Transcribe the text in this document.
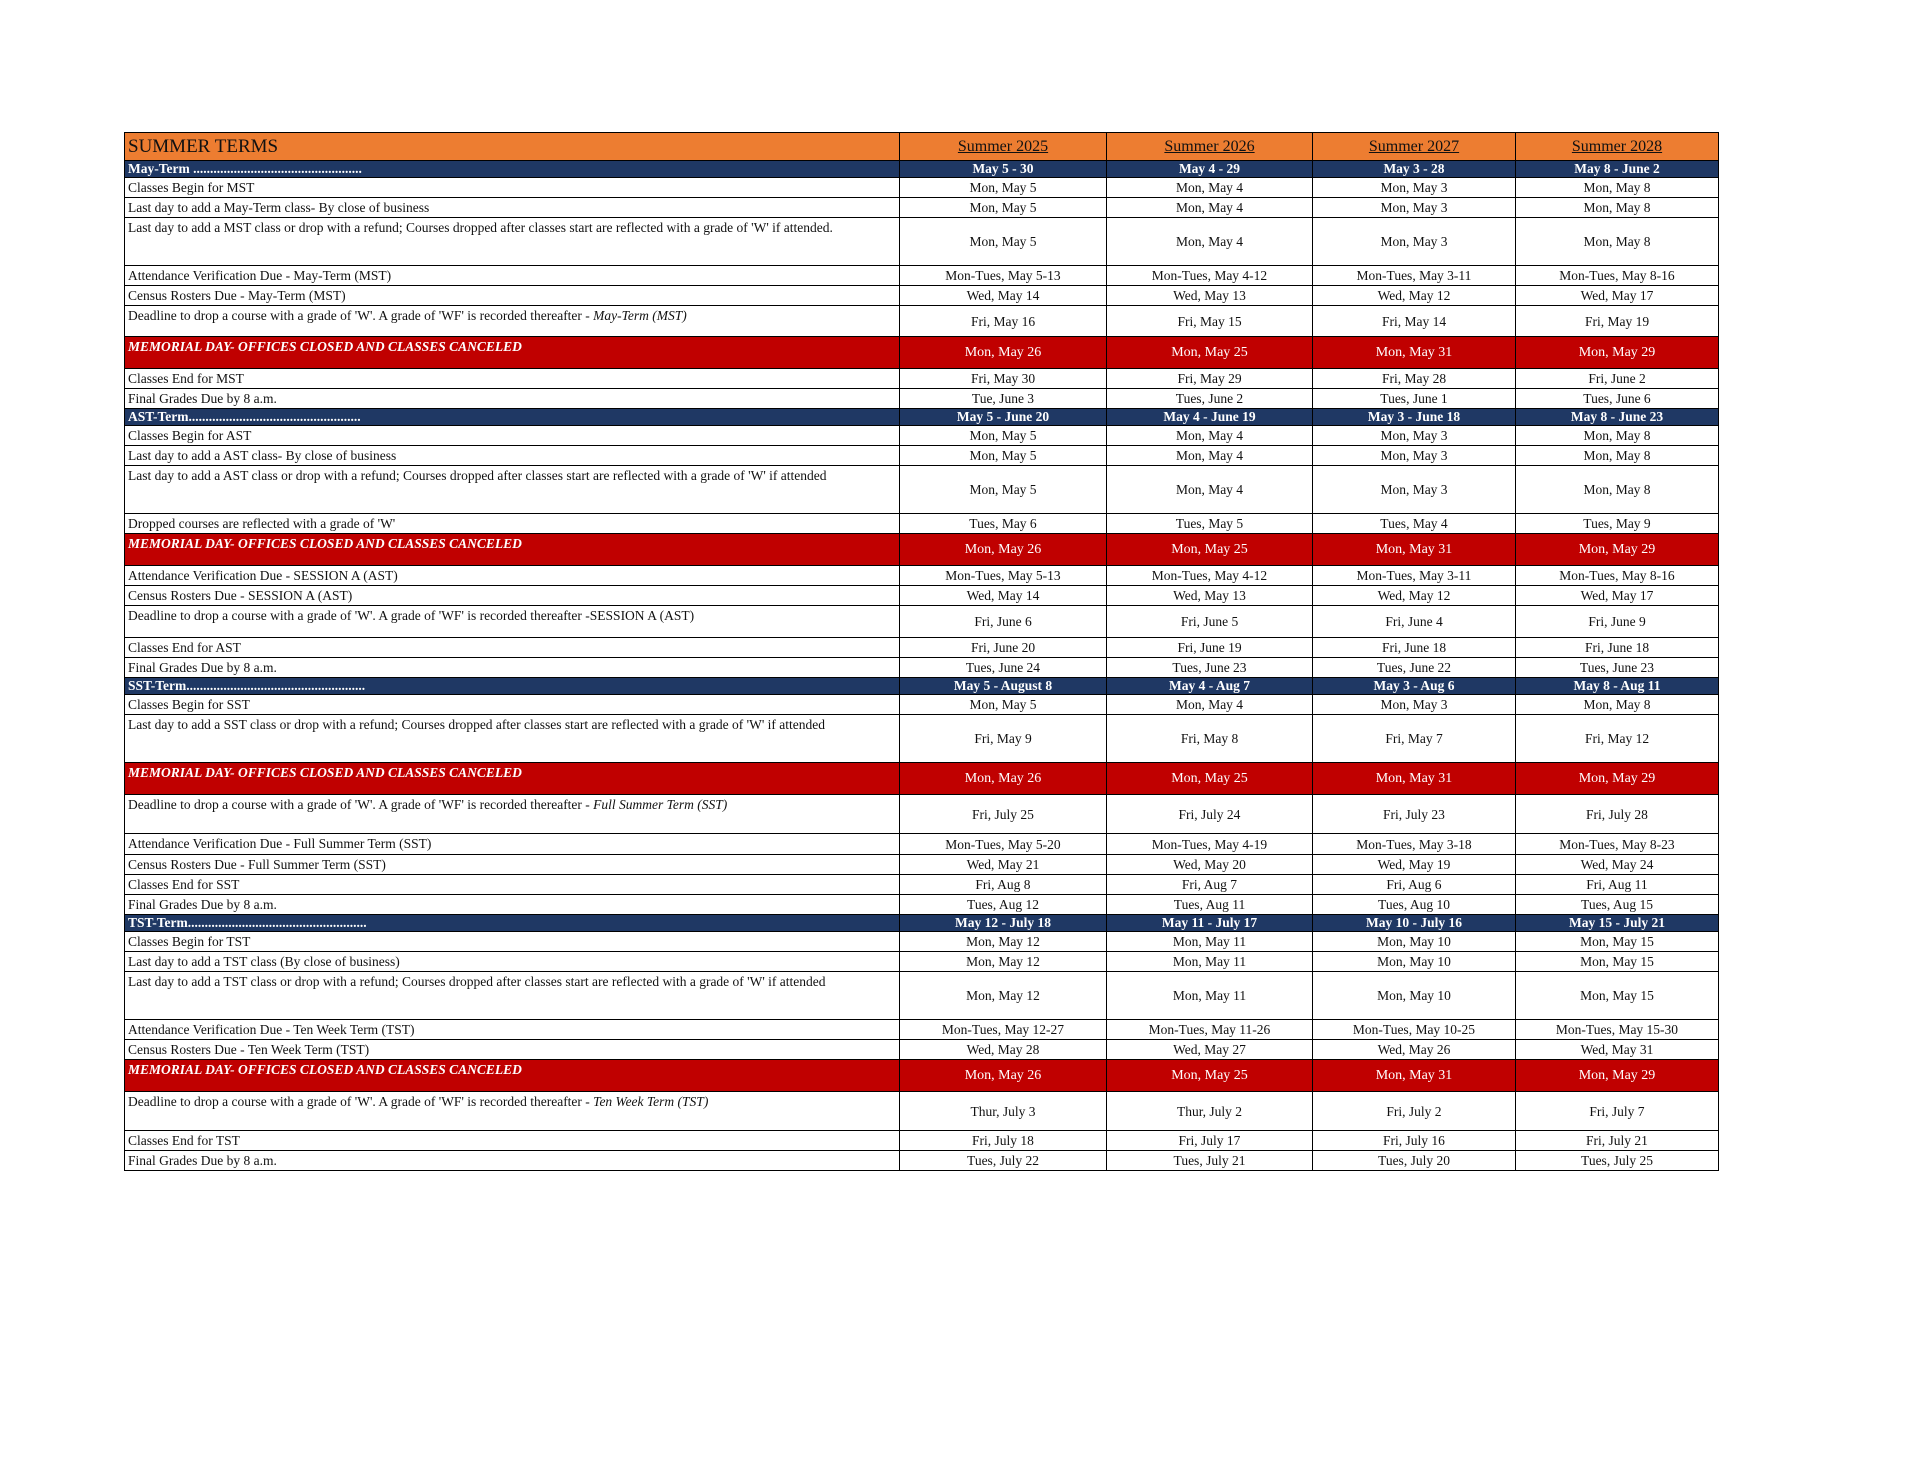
SUMMER TERMS	Summer 2025	Summer 2026	Summer 2027	Summer 2028
May-Term ..................................................	May 5 - 30	May 4 - 29	May 3 - 28	May 8 - June 2
Classes Begin for MST	Mon, May 5	Mon, May 4	Mon, May 3	Mon, May 8
Last day to add a May-Term class- By close of business	Mon, May 5	Mon, May 4	Mon, May 3	Mon, May 8
Last day to add a MST class or drop with a refund; Courses dropped after classes start are reflected with a grade of 'W' if attended.	Mon, May 5	Mon, May 4	Mon, May 3	Mon, May 8
Attendance Verification Due - May-Term (MST)	Mon-Tues, May 5-13	Mon-Tues, May 4-12	Mon-Tues, May 3-11	Mon-Tues, May 8-16
Census Rosters Due - May-Term (MST)	Wed, May 14	Wed, May 13	Wed, May 12	Wed, May 17
Deadline to drop a course with a grade of 'W'. A grade of 'WF' is recorded thereafter - May-Term (MST)	Fri, May 16	Fri, May 15	Fri, May 14	Fri, May 19
MEMORIAL DAY- OFFICES CLOSED AND CLASSES CANCELED	Mon, May 26	Mon, May 25	Mon, May 31	Mon, May 29
Classes End for MST	Fri, May 30	Fri, May 29	Fri, May 28	Fri, June 2
Final Grades Due by 8 a.m.	Tue, June 3	Tues, June 2	Tues, June 1	Tues, June 6
AST-Term...................................................	May 5 - June 20	May 4 - June 19	May 3 - June 18	May 8 - June 23
Classes Begin for AST	Mon, May 5	Mon, May 4	Mon, May 3	Mon, May 8
Last day to add a AST class- By close of business	Mon, May 5	Mon, May 4	Mon, May 3	Mon, May 8
Last day to add a AST class or drop with a refund; Courses dropped after classes start are reflected with a grade of 'W' if attended	Mon, May 5	Mon, May 4	Mon, May 3	Mon, May 8
Dropped courses are reflected with a grade of 'W'	Tues, May 6	Tues, May 5	Tues, May 4	Tues, May 9
MEMORIAL DAY- OFFICES CLOSED AND CLASSES CANCELED	Mon, May 26	Mon, May 25	Mon, May 31	Mon, May 29
Attendance Verification Due - SESSION A (AST)	Mon-Tues, May 5-13	Mon-Tues, May 4-12	Mon-Tues, May 3-11	Mon-Tues, May 8-16
Census Rosters Due - SESSION A (AST)	Wed, May 14	Wed, May 13	Wed, May 12	Wed, May 17
Deadline to drop a course with a grade of 'W'. A grade of 'WF' is recorded thereafter -SESSION A (AST)	Fri, June 6	Fri, June 5	Fri, June 4	Fri, June 9
Classes End for AST	Fri, June 20	Fri, June 19	Fri, June 18	Fri, June 18
Final Grades Due by 8 a.m.	Tues, June 24	Tues, June 23	Tues, June 22	Tues, June 23
SST-Term.....................................................	May 5 - August 8	May 4 - Aug 7	May 3 - Aug 6	May 8 - Aug 11
Classes Begin for SST	Mon, May 5	Mon, May 4	Mon, May 3	Mon, May 8
Last day to add a SST class or drop with a refund; Courses dropped after classes start are reflected with a grade of 'W' if attended	Fri, May 9	Fri, May 8	Fri, May 7	Fri, May 12
MEMORIAL DAY- OFFICES CLOSED AND CLASSES CANCELED	Mon, May 26	Mon, May 25	Mon, May 31	Mon, May 29
Deadline to drop a course with a grade of 'W'. A grade of 'WF' is recorded thereafter - Full Summer Term (SST)	Fri, July 25	Fri, July 24	Fri, July 23	Fri, July 28
Attendance Verification Due - Full Summer Term (SST)	Mon-Tues, May 5-20	Mon-Tues, May 4-19	Mon-Tues, May 3-18	Mon-Tues, May 8-23
Census Rosters Due - Full Summer Term (SST)	Wed, May 21	Wed, May 20	Wed, May 19	Wed, May 24
Classes End for SST	Fri, Aug 8	Fri, Aug 7	Fri, Aug 6	Fri, Aug 11
Final Grades Due by 8 a.m.	Tues, Aug 12	Tues, Aug 11	Tues, Aug 10	Tues, Aug 15
TST-Term.....................................................	May 12 - July 18	May 11 - July 17	May 10 - July 16	May 15 - July 21
Classes Begin for TST	Mon, May 12	Mon, May 11	Mon, May 10	Mon, May 15
Last day to add a TST class (By close of business)	Mon, May 12	Mon, May 11	Mon, May 10	Mon, May 15
Last day to add a TST class or drop with a refund; Courses dropped after classes start are reflected with a grade of 'W' if attended	Mon, May 12	Mon, May 11	Mon, May 10	Mon, May 15
Attendance Verification Due - Ten Week Term (TST)	Mon-Tues, May 12-27	Mon-Tues, May 11-26	Mon-Tues, May 10-25	Mon-Tues, May 15-30
Census Rosters Due - Ten Week Term (TST)	Wed, May 28	Wed, May 27	Wed, May 26	Wed, May 31
MEMORIAL DAY- OFFICES CLOSED AND CLASSES CANCELED	Mon, May 26	Mon, May 25	Mon, May 31	Mon, May 29
Deadline to drop a course with a grade of 'W'. A grade of 'WF' is recorded thereafter - Ten Week Term (TST)	Thur, July 3	Thur, July 2	Fri, July 2	Fri, July 7
Classes End for TST	Fri, July 18	Fri, July 17	Fri, July 16	Fri, July 21
Final Grades Due by 8 a.m.	Tues, July 22	Tues, July 21	Tues, July 20	Tues, July 25
